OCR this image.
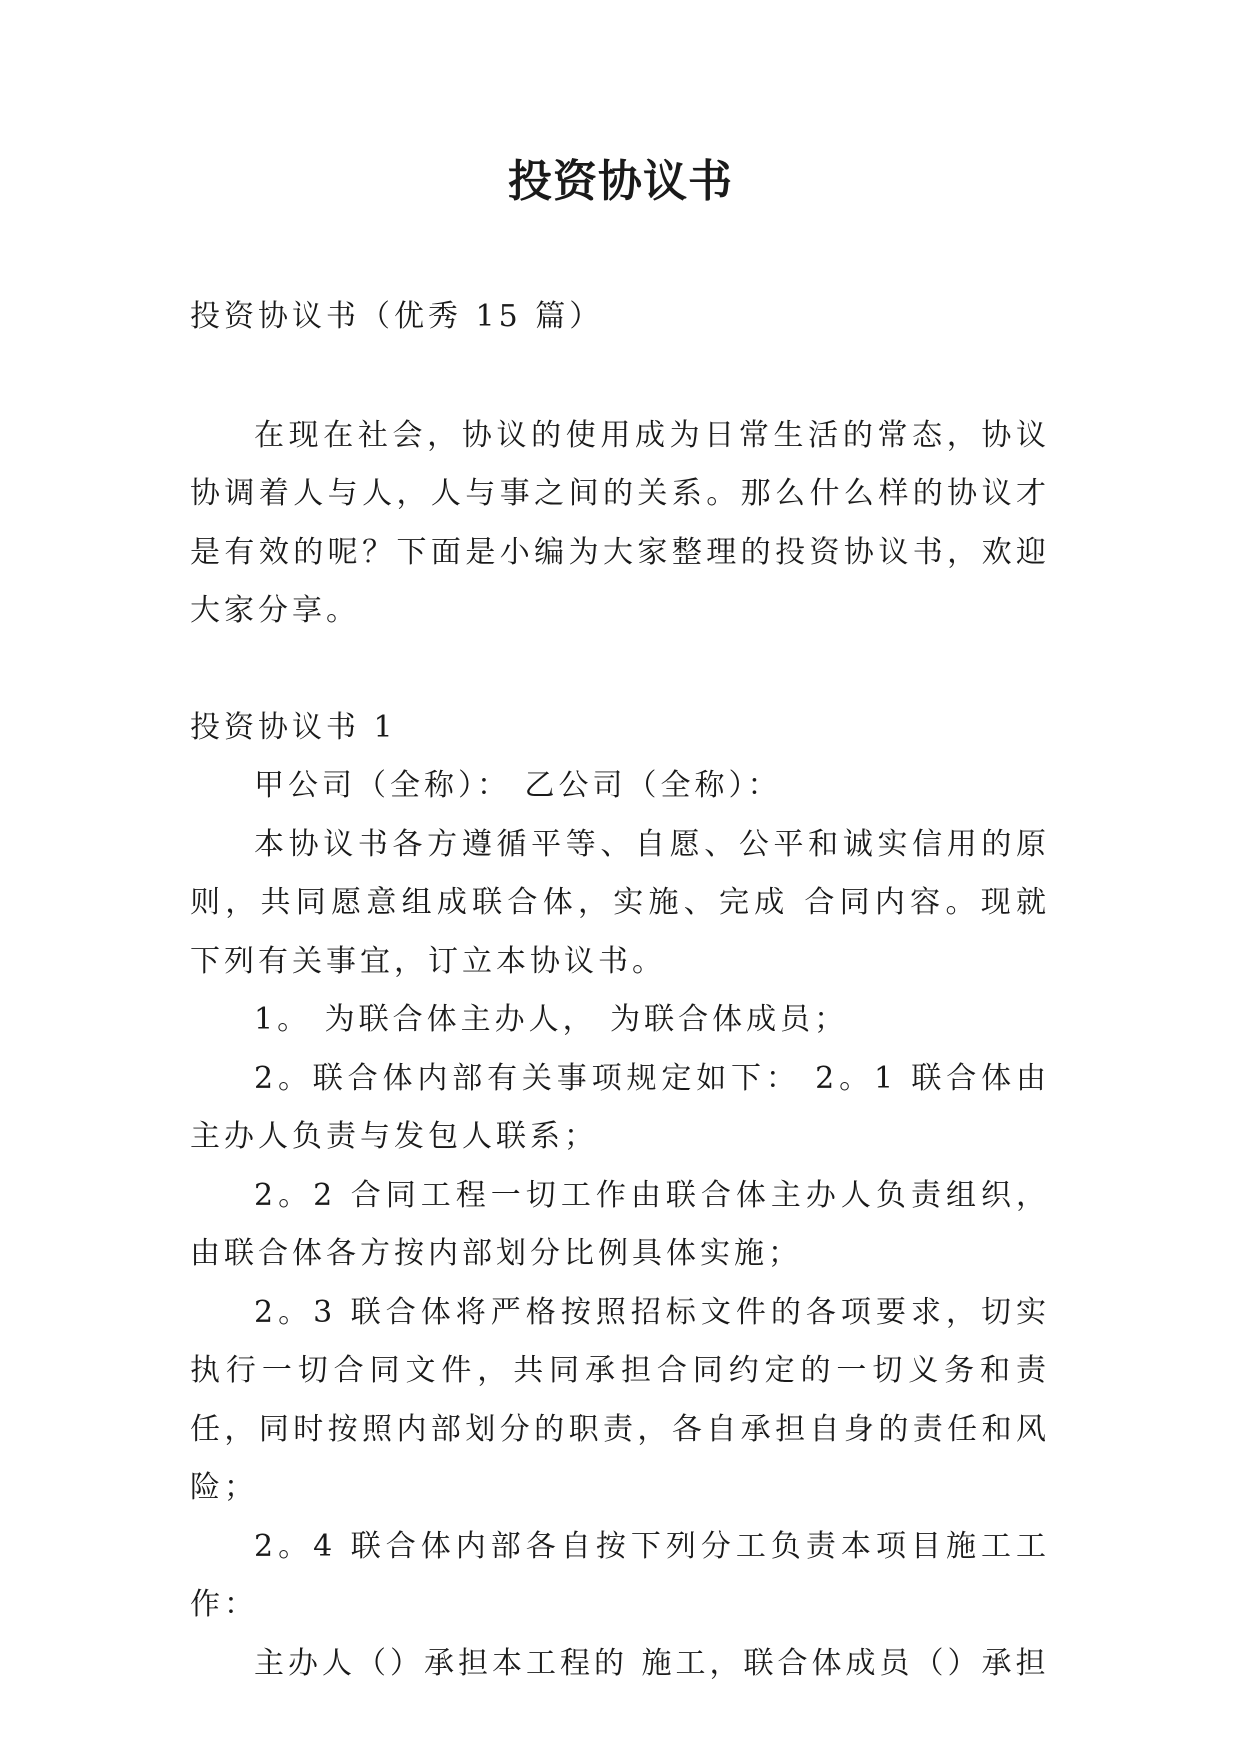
投资协议书

投资协议书（优秀 15 篇）

在现在社会，协议的使用成为日常生活的常态，协议协调着人与人，人与事之间的关系。那么什么样的协议才是有效的呢？下面是小编为大家整理的投资协议书，欢迎大家分享。

投资协议书 1

甲公司（全称）： 乙公司（全称）：

本协议书各方遵循平等、自愿、公平和诚实信用的原则，共同愿意组成联合体，实施、完成 合同内容。现就下列有关事宜，订立本协议书。

1。 为联合体主办人， 为联合体成员；

2。联合体内部有关事项规定如下： 2。1 联合体由主办人负责与发包人联系；

2。2 合同工程一切工作由联合体主办人负责组织，由联合体各方按内部划分比例具体实施；

2。3 联合体将严格按照招标文件的各项要求，切实执行一切合同文件，共同承担合同约定的一切义务和责任，同时按照内部划分的职责，各自承担自身的责任和风险；

2。4 联合体内部各自按下列分工负责本项目施工工作：

主办人（）承担本工程的 施工，联合体成员（）承担
